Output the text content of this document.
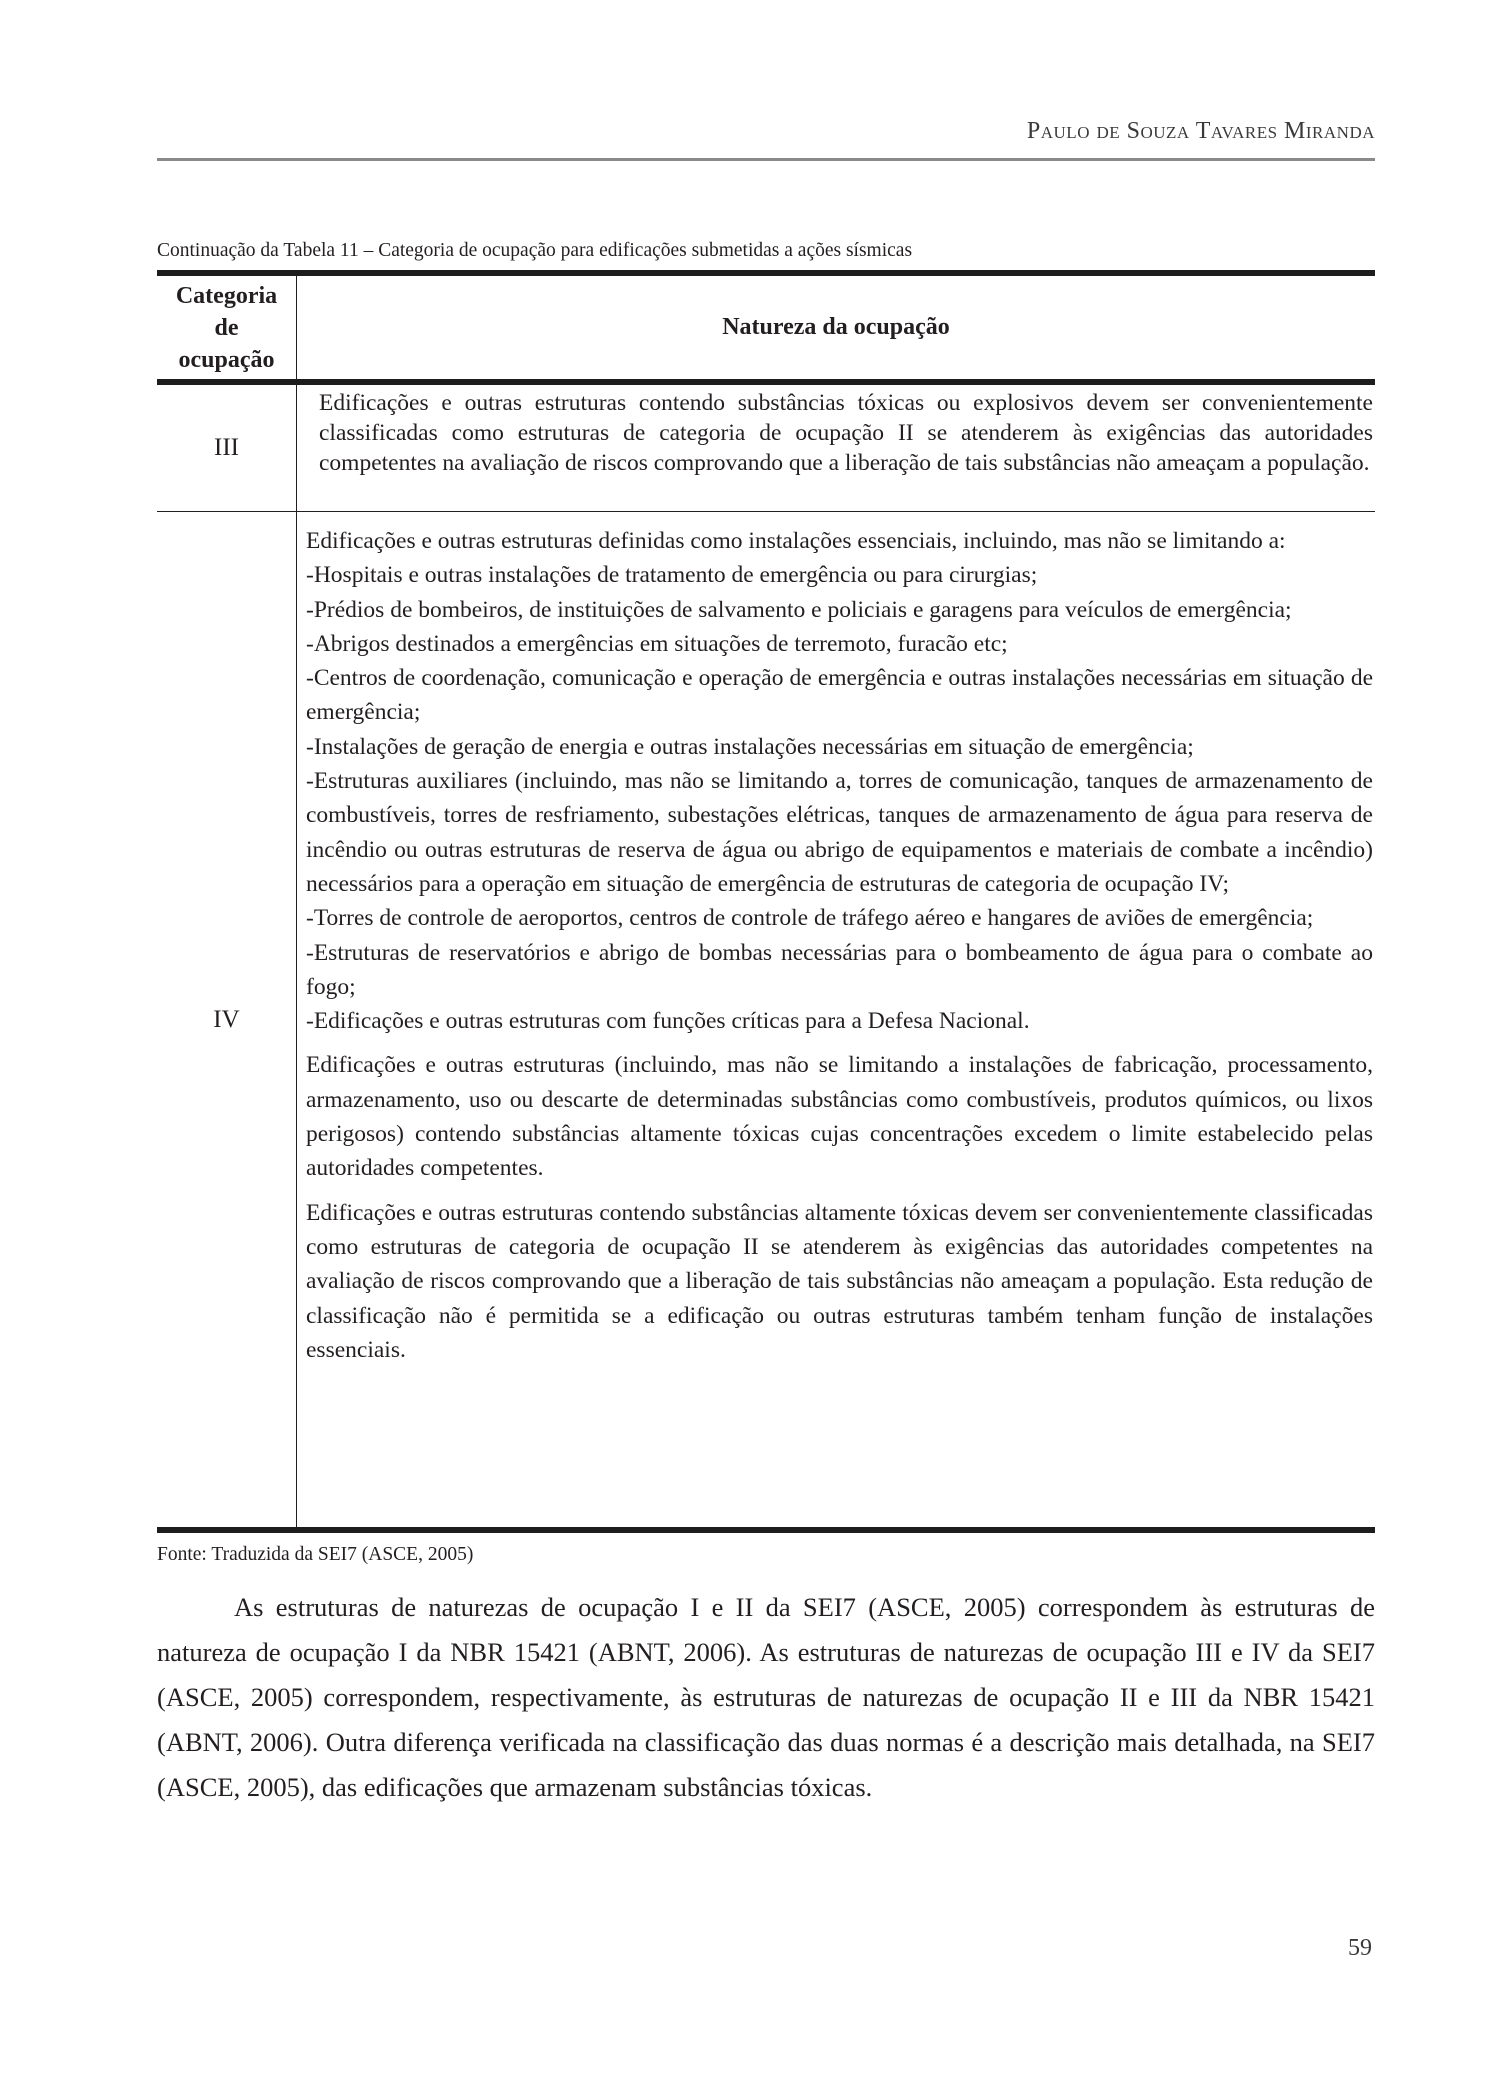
Paulo de Souza Tavares Miranda
Continuação da Tabela 11 – Categoria de ocupação para edificações submetidas a ações sísmicas
Categoria
de
ocupação
Natureza da ocupação
III
Edificações e outras estruturas contendo substâncias tóxicas ou explosivos devem ser convenientemente classificadas como estruturas de categoria de ocupação II se atenderem às exigências das autoridades competentes na avaliação de riscos comprovando que a liberação de tais substâncias não ameaçam a população.
IV

Edificações e outras estruturas definidas como instalações essenciais, incluindo, mas não se limitando a:

-Hospitais e outras instalações de tratamento de emergência ou para cirurgias;
-Prédios de bombeiros, de instituições de salvamento e policiais e garagens para veículos de emergência;
-Abrigos destinados a emergências em situações de terremoto, furacão etc;
-Centros de coordenação, comunicação e operação de emergência e outras instalações necessárias em situação de emergência;
-Instalações de geração de energia e outras instalações necessárias em situação de emergência;
-Estruturas auxiliares (incluindo, mas não se limitando a, torres de comunicação, tanques de armazenamento de combustíveis, torres de resfriamento, subestações elétricas, tanques de armazenamento de água para reserva de incêndio ou outras estruturas de reserva de água ou abrigo de equipamentos e materiais de combate a incêndio) necessários para a operação em situação de emergência de estruturas de categoria de ocupação IV;
-Torres de controle de aeroportos, centros de controle de tráfego aéreo e hangares de aviões de emergência;
-Estruturas de reservatórios e abrigo de bombas necessárias para o bombeamento de água para o combate ao fogo;
-Edificações e outras estruturas com funções críticas para a Defesa Nacional.

Edificações e outras estruturas (incluindo, mas não se limitando a instalações de fabricação, processamento, armazenamento, uso ou descarte de determinadas substâncias como combustíveis, produtos químicos, ou lixos perigosos) contendo substâncias altamente tóxicas cujas concentrações excedem o limite estabelecido pelas autoridades competentes.

Edificações e outras estruturas contendo substâncias altamente tóxicas devem ser convenientemente classificadas como estruturas de categoria de ocupação II se atenderem às exigências das autoridades competentes na avaliação de riscos comprovando que a liberação de tais substâncias não ameaçam a população. Esta redução de classificação não é permitida se a edificação ou outras estruturas também tenham função de instalações essenciais.

Fonte: Traduzida da SEI7 (ASCE, 2005)

As estruturas de naturezas de ocupação I e II da SEI7 (ASCE, 2005) correspondem às estruturas de natureza de ocupação I da NBR 15421 (ABNT, 2006). As estruturas de naturezas de ocupação III e IV da SEI7 (ASCE, 2005) correspondem, respectivamente, às estruturas de naturezas de ocupação II e III da NBR 15421 (ABNT, 2006). Outra diferença verificada na classificação das duas normas é a descrição mais detalhada, na SEI7 (ASCE, 2005), das edificações que armazenam substâncias tóxicas.

59
